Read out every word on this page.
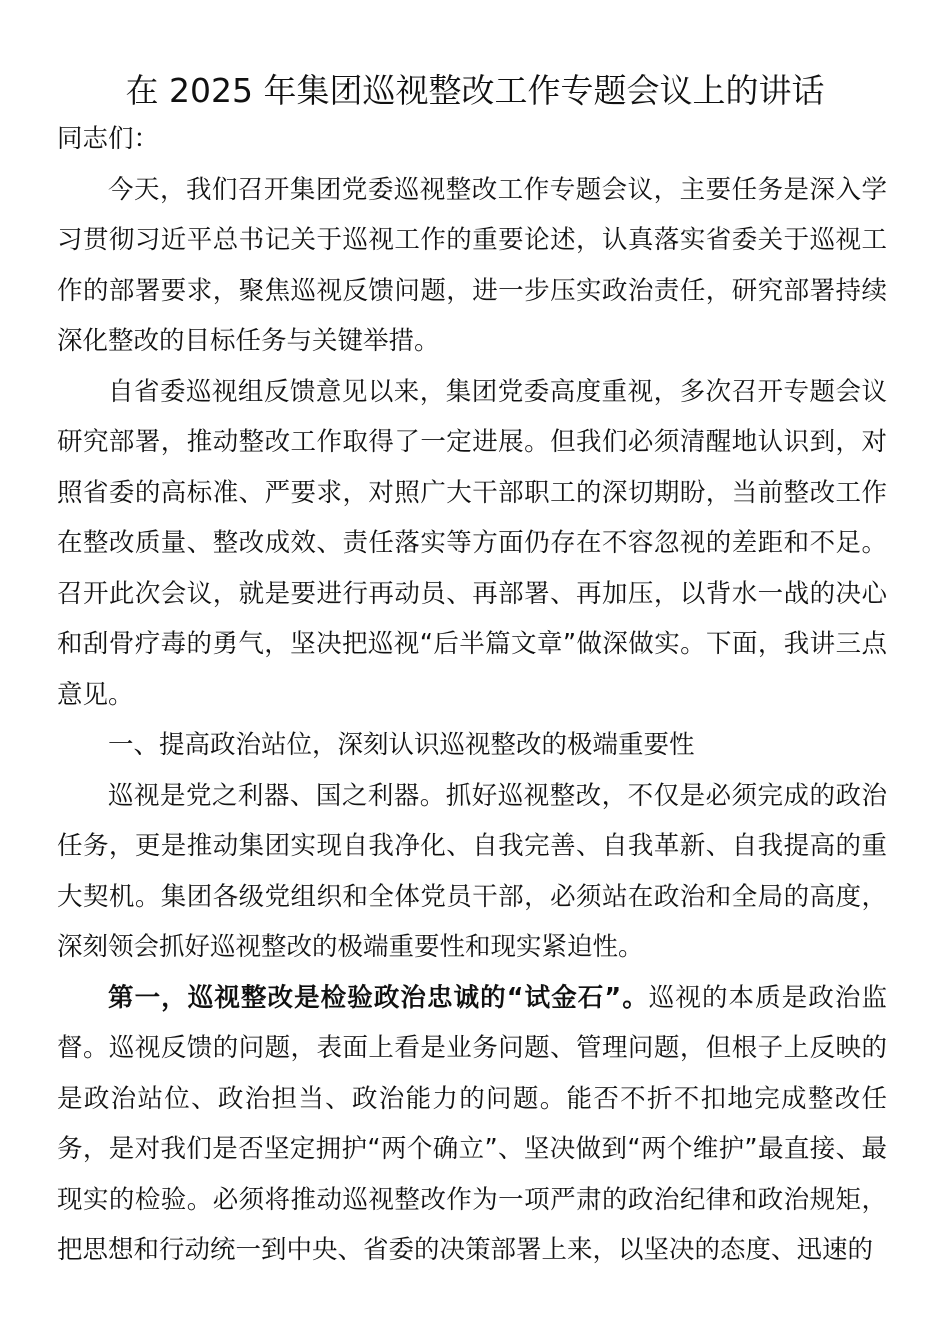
在 2025 年集团巡视整改工作专题会议上的讲话

同志们：

今天，我们召开集团党委巡视整改工作专题会议，主要任务是深入学习贯彻习近平总书记关于巡视工作的重要论述，认真落实省委关于巡视工作的部署要求，聚焦巡视反馈问题，进一步压实政治责任，研究部署持续深化整改的目标任务与关键举措。

自省委巡视组反馈意见以来，集团党委高度重视，多次召开专题会议研究部署，推动整改工作取得了一定进展。但我们必须清醒地认识到，对照省委的高标准、严要求，对照广大干部职工的深切期盼，当前整改工作在整改质量、整改成效、责任落实等方面仍存在不容忽视的差距和不足。召开此次会议，就是要进行再动员、再部署、再加压，以背水一战的决心和刮骨疗毒的勇气，坚决把巡视“后半篇文章”做深做实。下面，我讲三点意见。

一、提高政治站位，深刻认识巡视整改的极端重要性

巡视是党之利器、国之利器。抓好巡视整改，不仅是必须完成的政治任务，更是推动集团实现自我净化、自我完善、自我革新、自我提高的重大契机。集团各级党组织和全体党员干部，必须站在政治和全局的高度，深刻领会抓好巡视整改的极端重要性和现实紧迫性。

第一，巡视整改是检验政治忠诚的“试金石”。巡视的本质是政治监督。巡视反馈的问题，表面上看是业务问题、管理问题，但根子上反映的是政治站位、政治担当、政治能力的问题。能否不折不扣地完成整改任务，是对我们是否坚定拥护“两个确立”、坚决做到“两个维护”最直接、最现实的检验。必须将推动巡视整改作为一项严肃的政治纪律和政治规矩，把思想和行动统一到中央、省委的决策部署上来，以坚决的态度、迅速的
